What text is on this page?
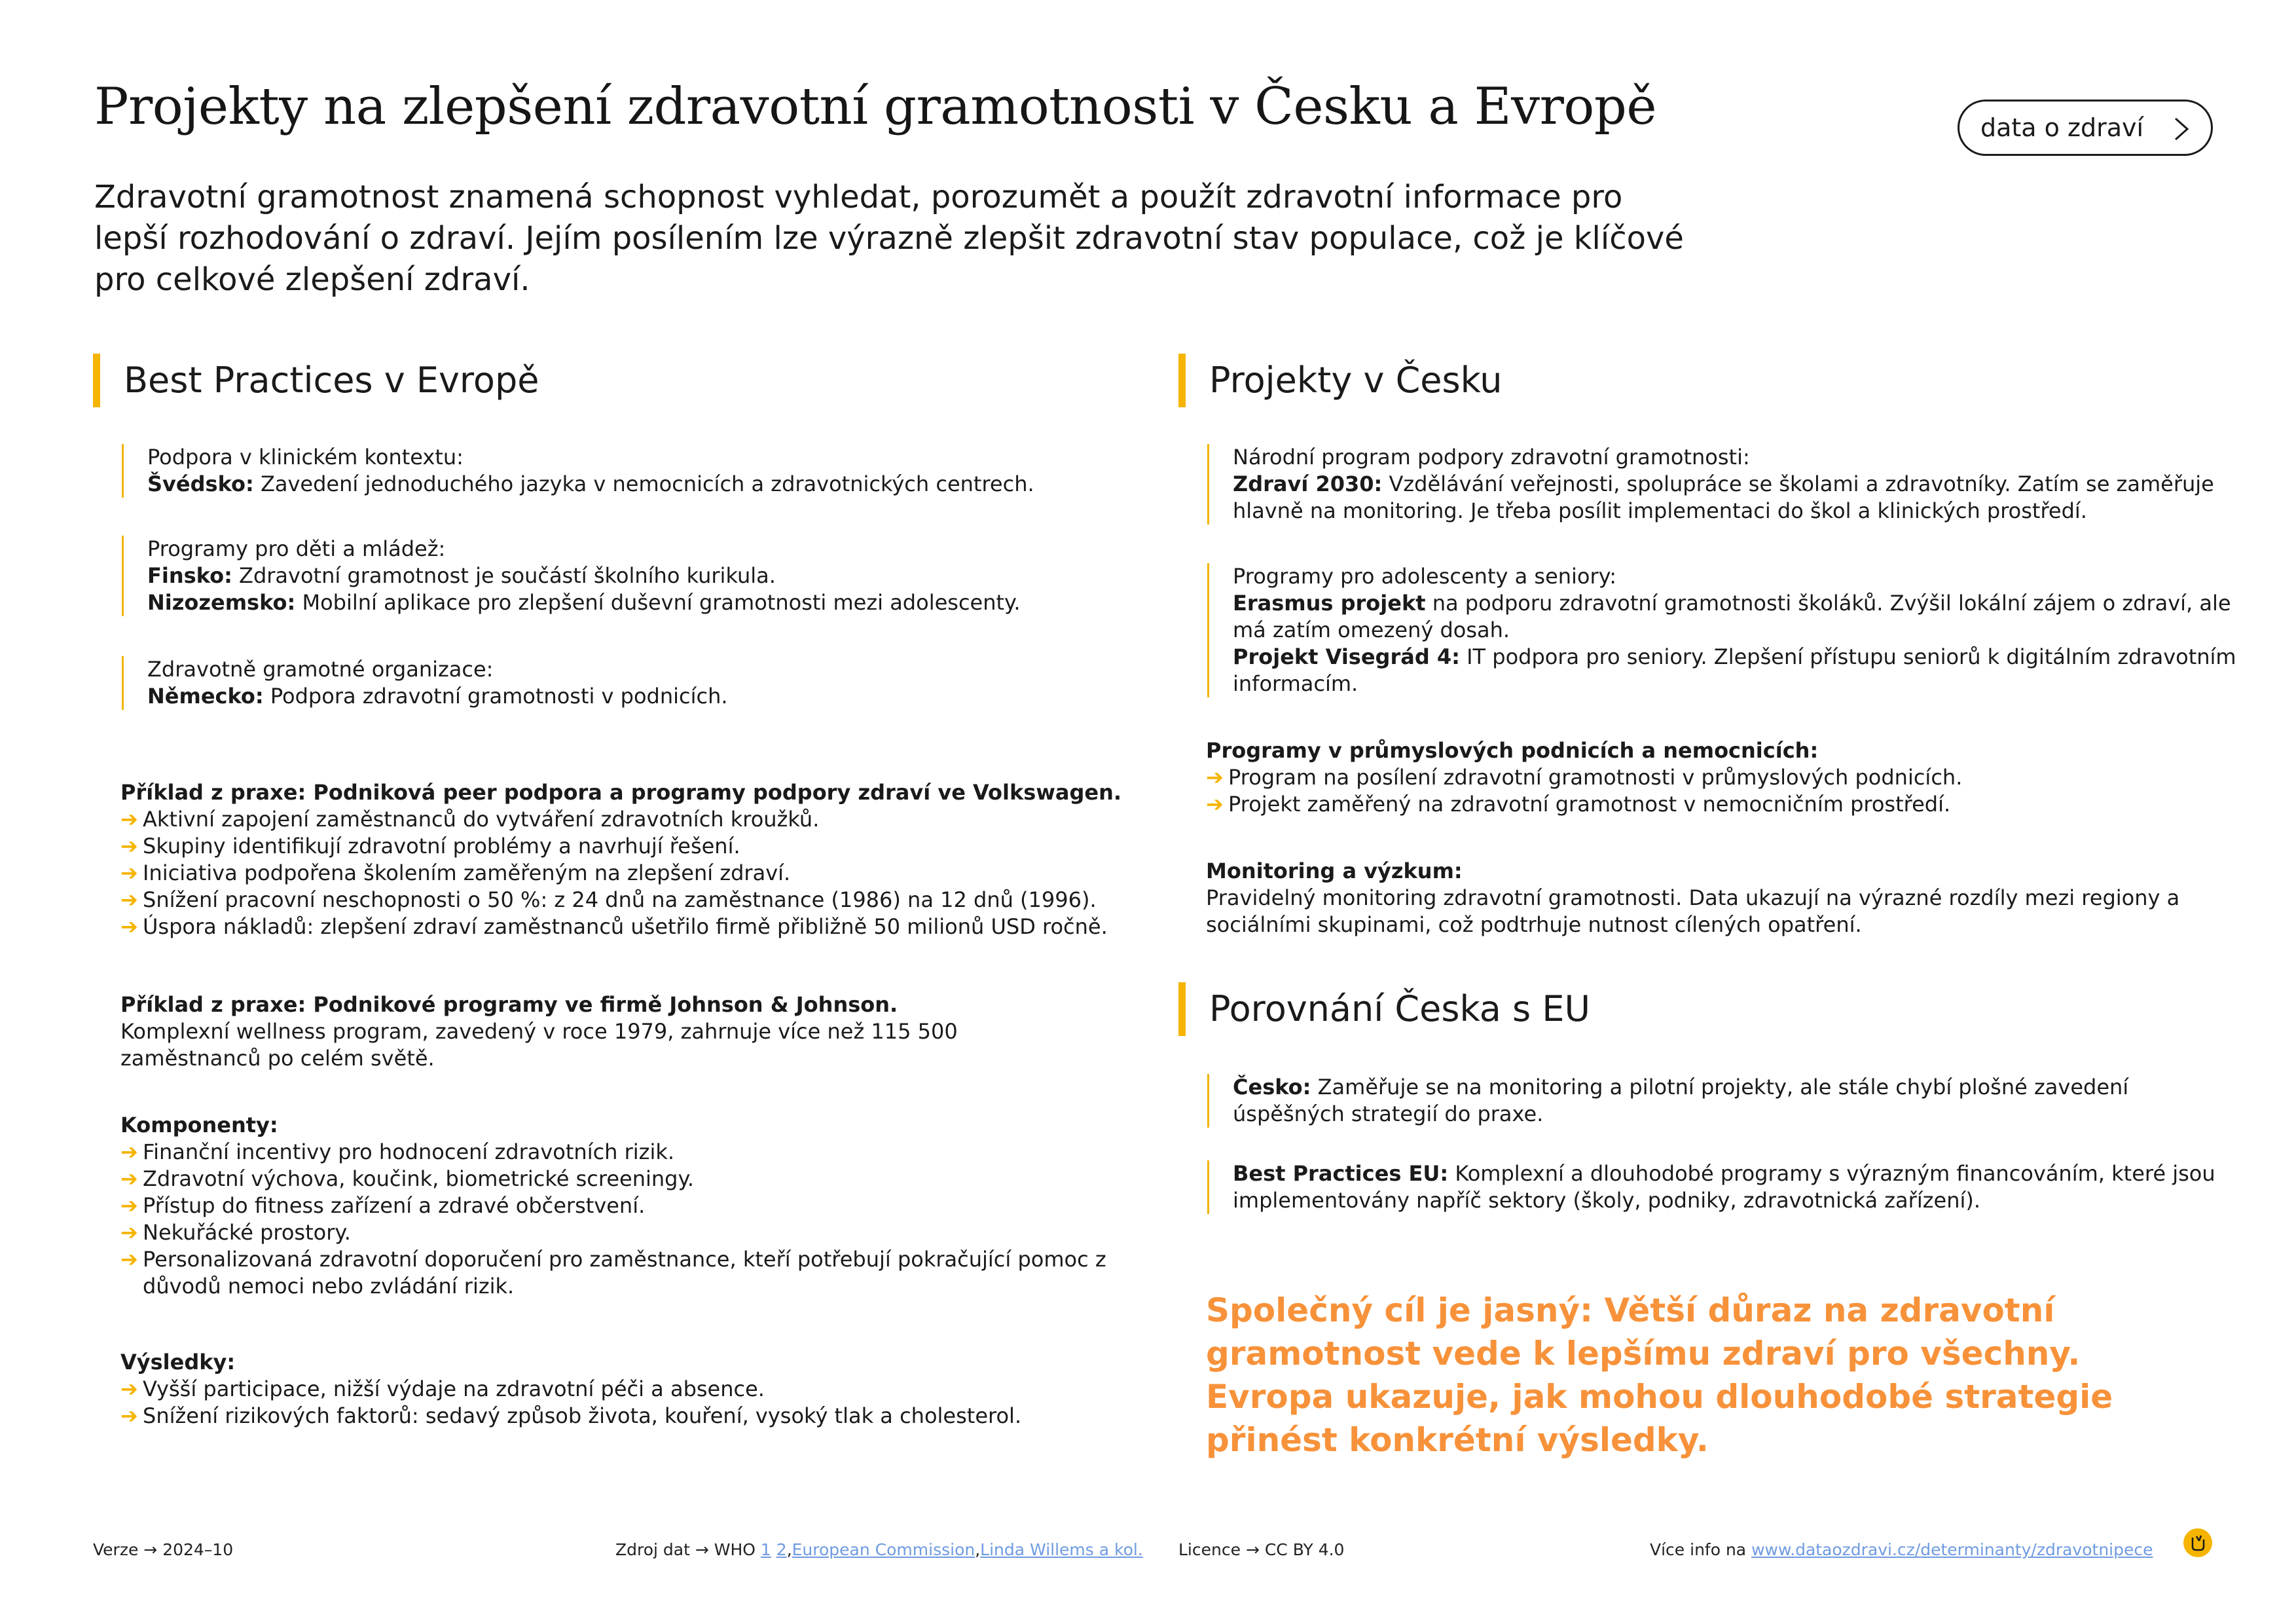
Projekty na zlepšení zdravotní gramotnosti v Česku a Evropě	data o zdraví
Zdravotní gramotnost znamená schopnost vyhledat, porozumět a použít zdravotní informace pro lepší rozhodování o zdraví. Jejím posílením lze výrazně zlepšit zdravotní stav populace, což je klíčové pro celkové zlepšení zdraví.
Best Practices v Evropě
Podpora v klinickém kontextu:
Švédsko: Zavedení jednoduchého jazyka v nemocnicích a zdravotnických centrech.
Programy pro děti a mládež:
Finsko: Zdravotní gramotnost je součástí školního kurikula.
Nizozemsko: Mobilní aplikace pro zlepšení duševní gramotnosti mezi adolescenty.
Zdravotně gramotné organizace:
Německo: Podpora zdravotní gramotnosti v podnicích.
Příklad z praxe: Podniková peer podpora a programy podpory zdraví ve Volkswagen.
➔ Aktivní zapojení zaměstnanců do vytváření zdravotních kroužků.
➔ Skupiny identifikují zdravotní problémy a navrhují řešení.
➔ Iniciativa podpořena školením zaměřeným na zlepšení zdraví.
➔ Snížení pracovní neschopnosti o 50 %: z 24 dnů na zaměstnance (1986) na 12 dnů (1996).
➔ Úspora nákladů: zlepšení zdraví zaměstnanců ušetřilo firmě přibližně 50 milionů USD ročně.
Příklad z praxe: Podnikové programy ve firmě Johnson & Johnson.
Komplexní wellness program, zavedený v roce 1979, zahrnuje více než 115 500 zaměstnanců po celém světě.
Komponenty:
➔ Finanční incentivy pro hodnocení zdravotních rizik.
➔ Zdravotní výchova, koučink, biometrické screeningy.
➔ Přístup do fitness zařízení a zdravé občerstvení.
➔ Nekuřácké prostory.
➔ Personalizovaná zdravotní doporučení pro zaměstnance, kteří potřebují pokračující pomoc z důvodů nemoci nebo zvládání rizik.
Výsledky:
➔ Vyšší participace, nižší výdaje na zdravotní péči a absence.
➔ Snížení rizikových faktorů: sedavý způsob života, kouření, vysoký tlak a cholesterol.
Projekty v Česku
Národní program podpory zdravotní gramotnosti:
Zdraví 2030: Vzdělávání veřejnosti, spolupráce se školami a zdravotníky. Zatím se zaměřuje hlavně na monitoring. Je třeba posílit implementaci do škol a klinických prostředí.
Programy pro adolescenty a seniory:
Erasmus projekt na podporu zdravotní gramotnosti školáků. Zvýšil lokální zájem o zdraví, ale má zatím omezený dosah.
Projekt Visegrád 4: IT podpora pro seniory. Zlepšení přístupu seniorů k digitálním zdravotním informacím.
Programy v průmyslových podnicích a nemocnicích:
➔ Program na posílení zdravotní gramotnosti v průmyslových podnicích.
➔ Projekt zaměřený na zdravotní gramotnost v nemocničním prostředí.
Monitoring a výzkum:
Pravidelný monitoring zdravotní gramotnosti. Data ukazují na výrazné rozdíly mezi regiony a sociálními skupinami, což podtrhuje nutnost cílených opatření.
Porovnání Česka s EU
Česko: Zaměřuje se na monitoring a pilotní projekty, ale stále chybí plošné zavedení úspěšných strategií do praxe.
Best Practices EU: Komplexní a dlouhodobé programy s výrazným financováním, které jsou implementovány napříč sektory (školy, podniky, zdravotnická zařízení).
Společný cíl je jasný: Větší důraz na zdravotní gramotnost vede k lepšímu zdraví pro všechny. Evropa ukazuje, jak mohou dlouhodobé strategie přinést konkrétní výsledky.
Verze → 2024–10	Zdroj dat → WHO 1 2,European Commission,Linda Willems a kol. Licence → CC BY 4.0	Více info na www.dataozdravi.cz/determinanty/zdravotnipece
